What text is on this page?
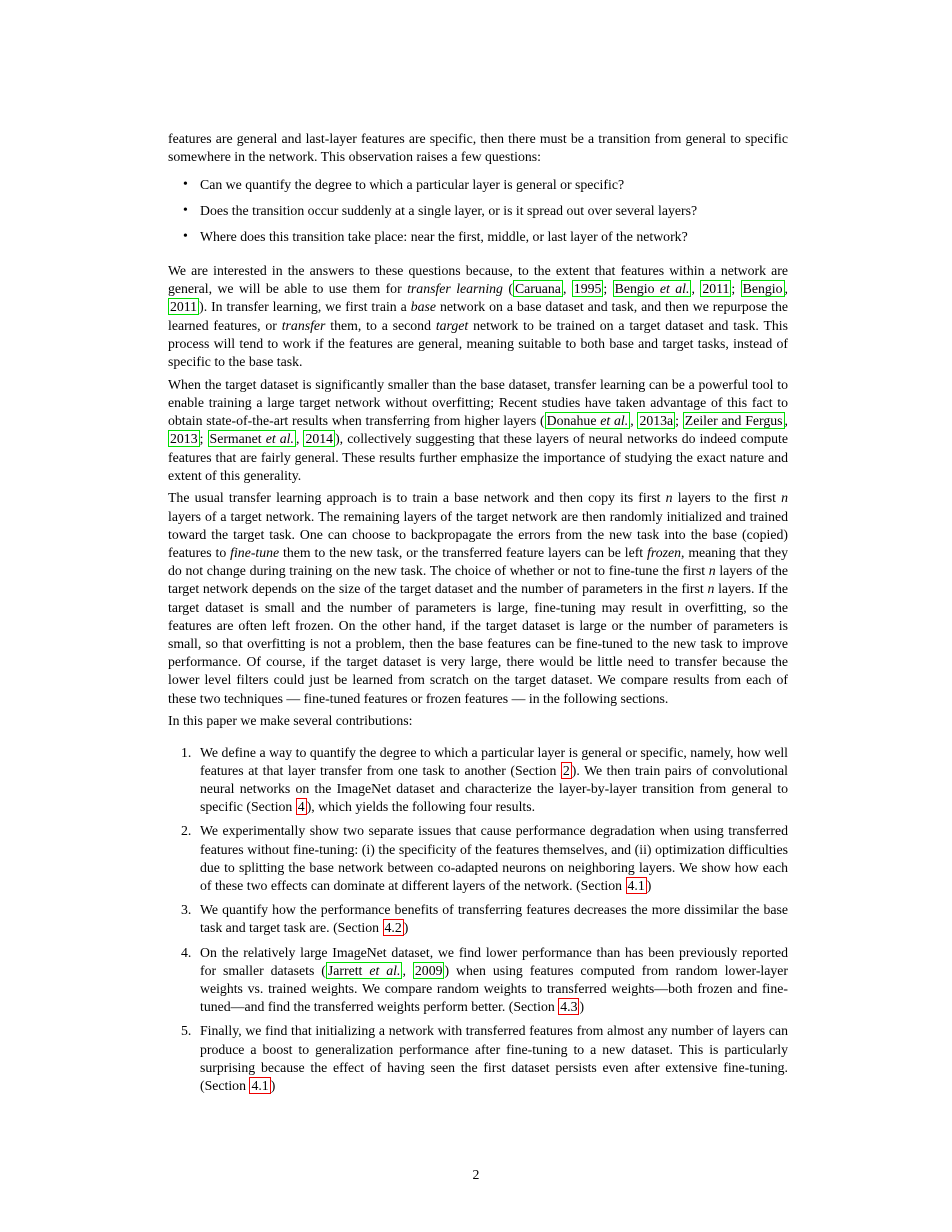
features are general and last-layer features are specific, then there must be a transition from general to specific somewhere in the network. This observation raises a few questions:

• Can we quantify the degree to which a particular layer is general or specific?
• Does the transition occur suddenly at a single layer, or is it spread out over several layers?
• Where does this transition take place: near the first, middle, or last layer of the network?

We are interested in the answers to these questions because, to the extent that features within a network are general, we will be able to use them for transfer learning ( Caruana , 1995 ; Bengio et al. , 2011 ; Bengio , 2011 ). In transfer learning, we first train a base network on a base dataset and task, and then we repurpose the learned features, or transfer them, to a second target network to be trained on a target dataset and task. This process will tend to work if the features are general, meaning suitable to both base and target tasks, instead of specific to the base task.

When the target dataset is significantly smaller than the base dataset, transfer learning can be a powerful tool to enable training a large target network without overfitting; Recent studies have taken advantage of this fact to obtain state-of-the-art results when transferring from higher layers ( Donahue et al. , 2013a ; Zeiler and Fergus , 2013 ; Sermanet et al. , 2014 ), collectively suggesting that these layers of neural networks do indeed compute features that are fairly general. These results further emphasize the importance of studying the exact nature and extent of this generality.

The usual transfer learning approach is to train a base network and then copy its first n layers to the first n layers of a target network. The remaining layers of the target network are then randomly initialized and trained toward the target task. One can choose to backpropagate the errors from the new task into the base (copied) features to fine-tune them to the new task, or the transferred feature layers can be left frozen, meaning that they do not change during training on the new task. The choice of whether or not to fine-tune the first n layers of the target network depends on the size of the target dataset and the number of parameters in the first n layers. If the target dataset is small and the number of parameters is large, fine-tuning may result in overfitting, so the features are often left frozen. On the other hand, if the target dataset is large or the number of parameters is small, so that overfitting is not a problem, then the base features can be fine-tuned to the new task to improve performance. Of course, if the target dataset is very large, there would be little need to transfer because the lower level filters could just be learned from scratch on the target dataset. We compare results from each of these two techniques — fine-tuned features or frozen features — in the following sections.

In this paper we make several contributions:

1. We define a way to quantify the degree to which a particular layer is general or specific, namely, how well features at that layer transfer from one task to another (Section 2 ). We then train pairs of convolutional neural networks on the ImageNet dataset and characterize the layer-by-layer transition from general to specific (Section 4 ), which yields the following four results.
2. We experimentally show two separate issues that cause performance degradation when using transferred features without fine-tuning: (i) the specificity of the features themselves, and (ii) optimization difficulties due to splitting the base network between co-adapted neurons on neighboring layers. We show how each of these two effects can dominate at different layers of the network. (Section 4.1 )
3. We quantify how the performance benefits of transferring features decreases the more dissimilar the base task and target task are. (Section 4.2 )
4. On the relatively large ImageNet dataset, we find lower performance than has been previously reported for smaller datasets ( Jarrett et al. , 2009 ) when using features computed from random lower-layer weights vs. trained weights. We compare random weights to transferred weights—both frozen and fine-tuned—and find the transferred weights perform better. (Section 4.3 )
5. Finally, we find that initializing a network with transferred features from almost any number of layers can produce a boost to generalization performance after fine-tuning to a new dataset. This is particularly surprising because the effect of having seen the first dataset persists even after extensive fine-tuning. (Section 4.1 )
2
